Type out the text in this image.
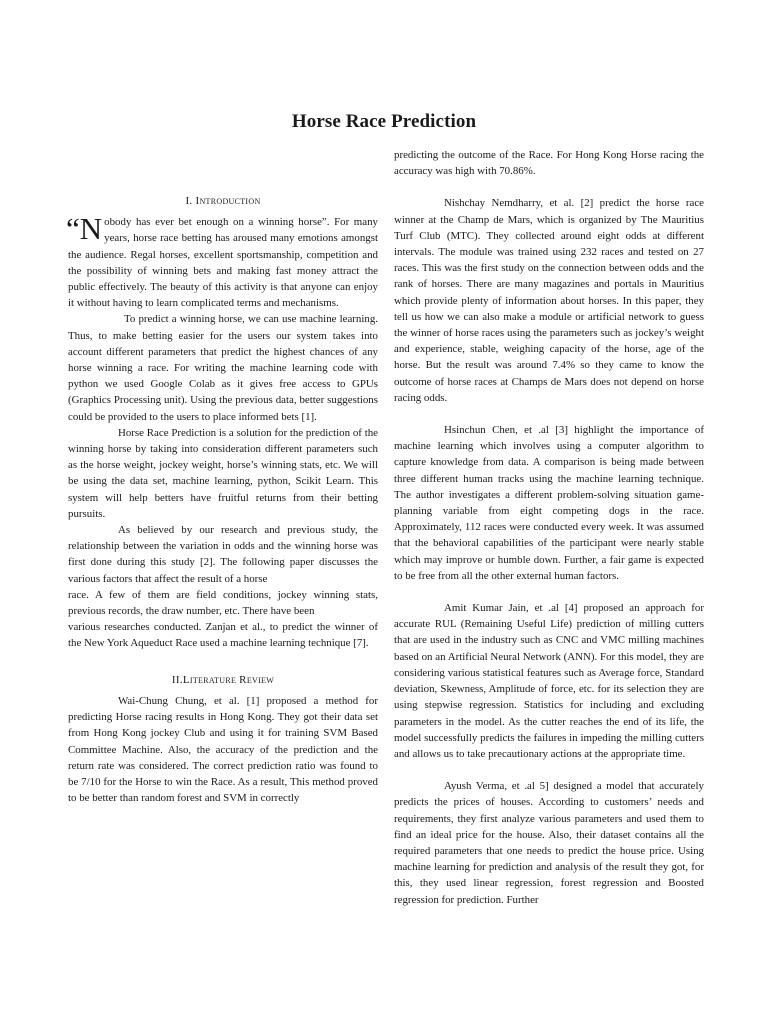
Horse Race Prediction
I. Introduction

“Nobody has ever bet enough on a winning horse”. For many years, horse race betting has aroused many emotions amongst the audience. Regal horses, excellent sportsmanship, competition and the possibility of winning bets and making fast money attract the public effectively. The beauty of this activity is that anyone can enjoy it without having to learn complicated terms and mechanisms.

To predict a winning horse, we can use machine learning. Thus, to make betting easier for the users our system takes into account different parameters that predict the highest chances of any horse winning a race. For writing the machine learning code with python we used Google Colab as it gives free access to GPUs (Graphics Processing unit). Using the previous data, better suggestions could be provided to the users to place informed bets [1].

Horse Race Prediction is a solution for the prediction of the winning horse by taking into consideration different parameters such as the horse weight, jockey weight, horse’s winning stats, etc. We will be using the data set, machine learning, python, Scikit Learn. This system will help betters have fruitful returns from their betting pursuits.

As believed by our research and previous study, the relationship between the variation in odds and the winning horse was first done during this study [2]. The following paper discusses the various factors that affect the result of a horse

race. A few of them are field conditions, jockey winning stats, previous records, the draw number, etc. There have been

various researches conducted. Zanjan et al., to predict the winner of the New York Aqueduct Race used a machine learning technique [7].

II.Literature Review

Wai-Chung Chung, et al. [1] proposed a method for predicting Horse racing results in Hong Kong. They got their data set from Hong Kong jockey Club and using it for training SVM Based Committee Machine. Also, the accuracy of the prediction and the return rate was considered. The correct prediction ratio was found to be 7/10 for the Horse to win the Race. As a result, This method proved to be better than random forest and SVM in correctly

predicting the outcome of the Race. For Hong Kong Horse racing the accuracy was high with 70.86%.

Nishchay Nemdharry, et al. [2] predict the horse race winner at the Champ de Mars, which is organized by The Mauritius Turf Club (MTC). They collected around eight odds at different intervals. The module was trained using 232 races and tested on 27 races. This was the first study on the connection between odds and the rank of horses. There are many magazines and portals in Mauritius which provide plenty of information about horses. In this paper, they tell us how we can also make a module or artificial network to guess the winner of horse races using the parameters such as jockey’s weight and experience, stable, weighing capacity of the horse, age of the horse. But the result was around 7.4% so they came to know the outcome of horse races at Champs de Mars does not depend on horse racing odds.

Hsinchun Chen, et .al [3] highlight the importance of machine learning which involves using a computer algorithm to capture knowledge from data. A comparison is being made between three different human tracks using the machine learning technique. The author investigates a different problem-solving situation game-planning variable from eight competing dogs in the race. Approximately, 112 races were conducted every week. It was assumed that the behavioral capabilities of the participant were nearly stable which may improve or humble down. Further, a fair game is expected to be free from all the other external human factors.

Amit Kumar Jain, et .al [4] proposed an approach for accurate RUL (Remaining Useful Life) prediction of milling cutters that are used in the industry such as CNC and VMC milling machines based on an Artificial Neural Network (ANN). For this model, they are considering various statistical features such as Average force, Standard deviation, Skewness, Amplitude of force, etc. for its selection they are using stepwise regression. Statistics for including and excluding parameters in the model. As the cutter reaches the end of its life, the model successfully predicts the failures in impeding the milling cutters and allows us to take precautionary actions at the appropriate time.

Ayush Verma, et .al 5] designed a model that accurately predicts the prices of houses. According to customers’ needs and requirements, they first analyze various parameters and used them to find an ideal price for the house. Also, their dataset contains all the required parameters that one needs to predict the house price. Using machine learning for prediction and analysis of the result they got, for this, they used linear regression, forest regression and Boosted regression for prediction. Further
